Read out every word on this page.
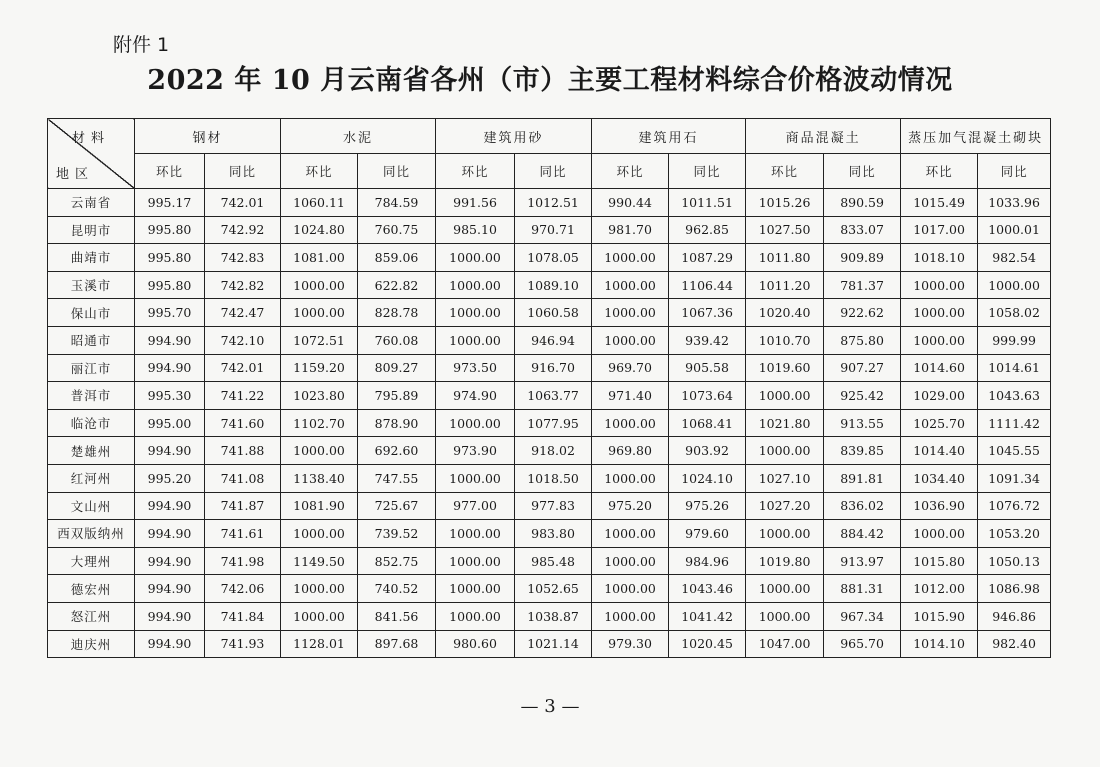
附件 1
2022 年 10 月云南省各州（市）主要工程材料综合价格波动情况
材料
地区	钢材		水泥		建筑用砂		建筑用石		商品混凝土		蒸压加气混凝土砌块	
	环比	同比	环比	同比	环比	同比	环比	同比	环比	同比	环比	同比
云南省	995.17	742.01	1060.11	784.59	991.56	1012.51	990.44	1011.51	1015.26	890.59	1015.49	1033.96
昆明市	995.80	742.92	1024.80	760.75	985.10	970.71	981.70	962.85	1027.50	833.07	1017.00	1000.01
曲靖市	995.80	742.83	1081.00	859.06	1000.00	1078.05	1000.00	1087.29	1011.80	909.89	1018.10	982.54
玉溪市	995.80	742.82	1000.00	622.82	1000.00	1089.10	1000.00	1106.44	1011.20	781.37	1000.00	1000.00
保山市	995.70	742.47	1000.00	828.78	1000.00	1060.58	1000.00	1067.36	1020.40	922.62	1000.00	1058.02
昭通市	994.90	742.10	1072.51	760.08	1000.00	946.94	1000.00	939.42	1010.70	875.80	1000.00	999.99
丽江市	994.90	742.01	1159.20	809.27	973.50	916.70	969.70	905.58	1019.60	907.27	1014.60	1014.61
普洱市	995.30	741.22	1023.80	795.89	974.90	1063.77	971.40	1073.64	1000.00	925.42	1029.00	1043.63
临沧市	995.00	741.60	1102.70	878.90	1000.00	1077.95	1000.00	1068.41	1021.80	913.55	1025.70	1111.42
楚雄州	994.90	741.88	1000.00	692.60	973.90	918.02	969.80	903.92	1000.00	839.85	1014.40	1045.55
红河州	995.20	741.08	1138.40	747.55	1000.00	1018.50	1000.00	1024.10	1027.10	891.81	1034.40	1091.34
文山州	994.90	741.87	1081.90	725.67	977.00	977.83	975.20	975.26	1027.20	836.02	1036.90	1076.72
西双版纳州	994.90	741.61	1000.00	739.52	1000.00	983.80	1000.00	979.60	1000.00	884.42	1000.00	1053.20
大理州	994.90	741.98	1149.50	852.75	1000.00	985.48	1000.00	984.96	1019.80	913.97	1015.80	1050.13
德宏州	994.90	742.06	1000.00	740.52	1000.00	1052.65	1000.00	1043.46	1000.00	881.31	1012.00	1086.98
怒江州	994.90	741.84	1000.00	841.56	1000.00	1038.87	1000.00	1041.42	1000.00	967.34	1015.90	946.86
迪庆州	994.90	741.93	1128.01	897.68	980.60	1021.14	979.30	1020.45	1047.00	965.70	1014.10	982.40
— 3 —
